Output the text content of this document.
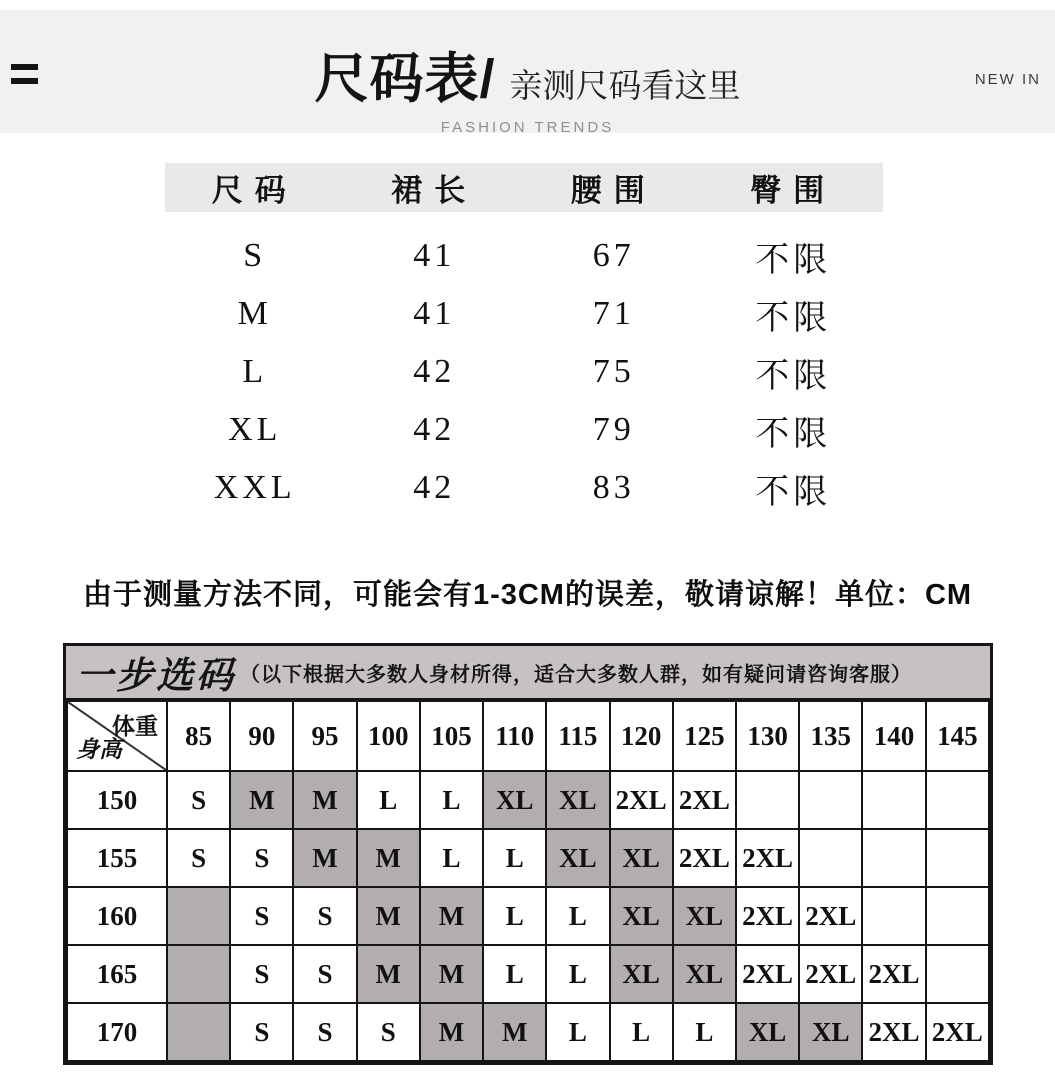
尺码表/ 亲测尺码看这里
FASHION TRENDS
NEW IN
尺码	裙长	腰围	臀围
S	41	67	不限
M	41	71	不限
L	42	75	不限
XL	42	79	不限
XXL	42	83	不限
由于测量方法不同，可能会有1-3CM的误差，敬请谅解！单位：CM
一步选码 （以下根据大多数人身材所得，适合大多数人群，如有疑问请咨询客服）
体重
身高	85	90	95	100	105	110	115	120	125	130	135	140	145
150	S	M	M	L	L	XL	XL	2XL	2XL				
155	S	S	M	M	L	L	XL	XL	2XL	2XL			
160		S	S	M	M	L	L	XL	XL	2XL	2XL		
165		S	S	M	M	L	L	XL	XL	2XL	2XL	2XL	
170		S	S	S	M	M	L	L	L	XL	XL	2XL	2XL
